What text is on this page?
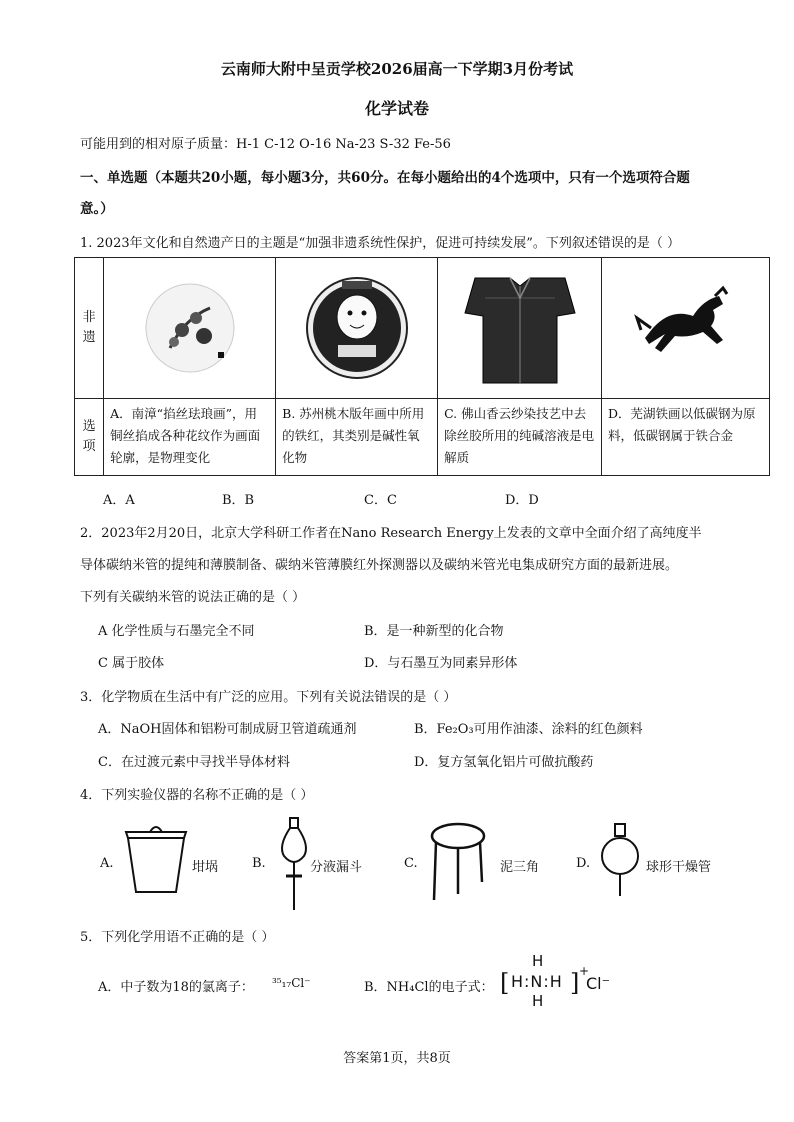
云南师大附中呈贡学校2026届高一下学期3月份考试
化学试卷
可能用到的相对原子质量：H-1 C-12 O-16 Na-23 S-32 Fe-56
一、单选题（本题共20小题，每小题3分，共60分。在每小题给出的4个选项中，只有一个选项符合题
意。）
1. 2023年文化和自然遗产日的主题是“加强非遗系统性保护，促进可持续发展”。下列叙述错误的是（ ）
非遗

选项	A．南漳“掐丝珐琅画”，用铜丝掐成各种花纹作为画面轮廓，是物理变化	B. 苏州桃木版年画中所用的铁红，其类别是碱性氧化物	C. 佛山香云纱染技艺中去除丝胶所用的纯碱溶液是电解质	D．芜湖铁画以低碳钢为原料，低碳钢属于铁合金
A．A	B．B	C．C	D．D
2．2023年2月20日，北京大学科研工作者在Nano Research Energy上发表的文章中全面介绍了高纯度半
导体碳纳米管的提纯和薄膜制备、碳纳米管薄膜红外探测器以及碳纳米管光电集成研究方面的最新进展。
下列有关碳纳米管的说法正确的是（ ）
A 化学性质与石墨完全不同	B．是一种新型的化合物
C 属于胶体	D．与石墨互为同素异形体
3．化学物质在生活中有广泛的应用。下列有关说法错误的是（ ）
A．NaOH固体和铝粉可制成厨卫管道疏通剂	B．Fe₂O₃可用作油漆、涂料的红色颜料
C．在过渡元素中寻找半导体材料	D．复方氢氧化铝片可做抗酸药
4．下列实验仪器的名称不正确的是（ ）
A.	坩埚	B.	分液漏斗	C.	泥三角	D.	球形干燥管
5．下列化学用语不正确的是（ ）
A．中子数为18的氯离子： ³⁵₁₇Cl⁻	B．NH₄Cl的电子式：
H
[ H:N:H ] +
H
Cl⁻
答案第1页，共8页
